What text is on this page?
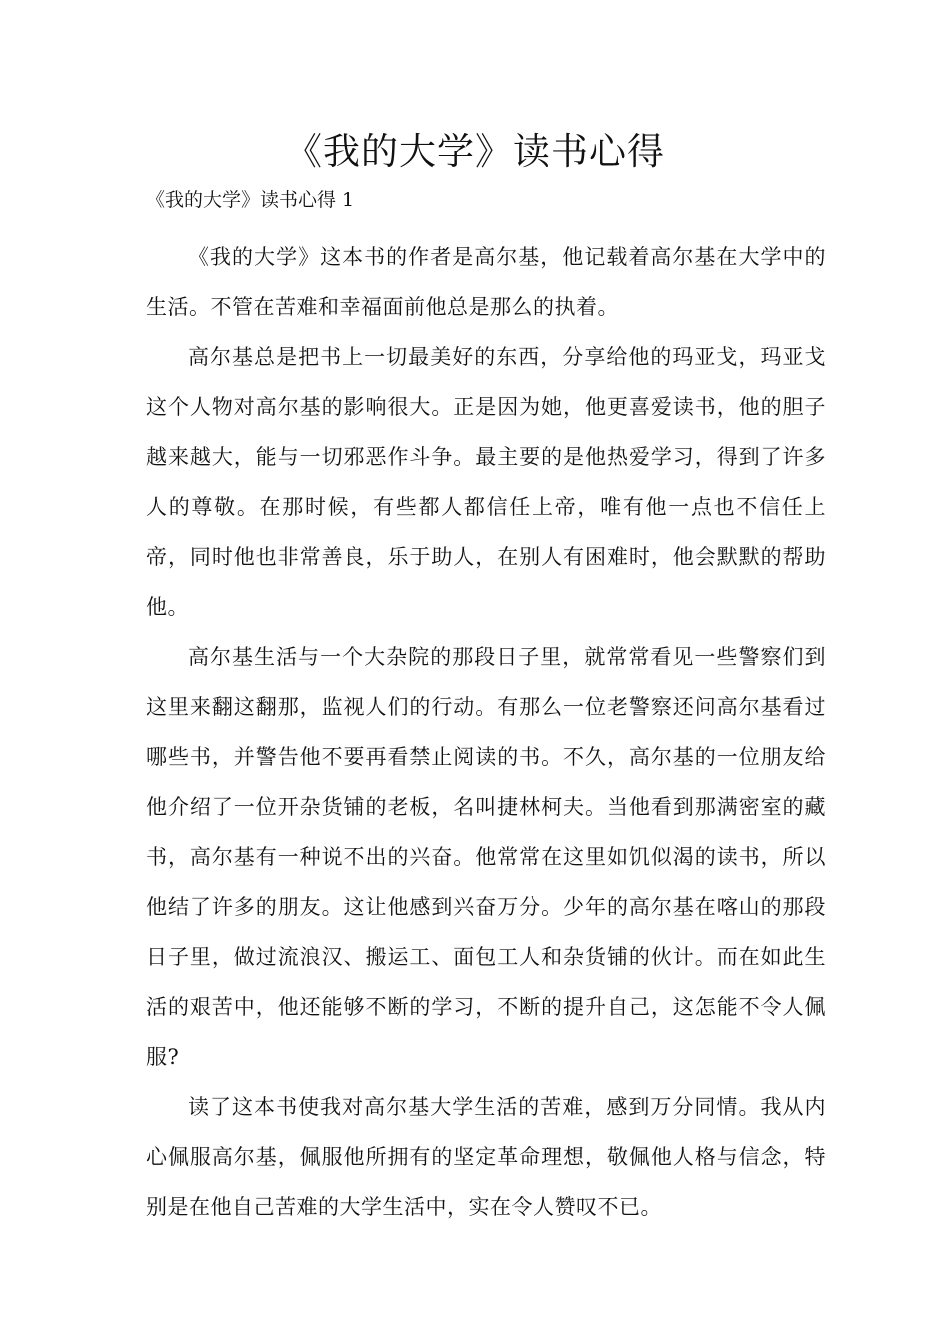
《我的大学》读书心得

《我的大学》读书心得 1

《我的大学》这本书的作者是高尔基，他记载着高尔基在大学中的生活。不管在苦难和幸福面前他总是那么的执着。

高尔基总是把书上一切最美好的东西，分享给他的玛亚戈，玛亚戈这个人物对高尔基的影响很大。正是因为她，他更喜爱读书，他的胆子越来越大，能与一切邪恶作斗争。最主要的是他热爱学习，得到了许多人的尊敬。在那时候，有些都人都信任上帝，唯有他一点也不信任上帝，同时他也非常善良，乐于助人，在别人有困难时，他会默默的帮助他。

高尔基生活与一个大杂院的那段日子里，就常常看见一些警察们到这里来翻这翻那，监视人们的行动。有那么一位老警察还问高尔基看过哪些书，并警告他不要再看禁止阅读的书。不久，高尔基的一位朋友给他介绍了一位开杂货铺的老板，名叫捷林柯夫。当他看到那满密室的藏书，高尔基有一种说不出的兴奋。他常常在这里如饥似渴的读书，所以他结了许多的朋友。这让他感到兴奋万分。少年的高尔基在喀山的那段日子里，做过流浪汉、搬运工、面包工人和杂货铺的伙计。而在如此生活的艰苦中，他还能够不断的学习，不断的提升自己，这怎能不令人佩服?

读了这本书使我对高尔基大学生活的苦难，感到万分同情。我从内心佩服高尔基，佩服他所拥有的坚定革命理想，敬佩他人格与信念，特别是在他自己苦难的大学生活中，实在令人赞叹不已。
